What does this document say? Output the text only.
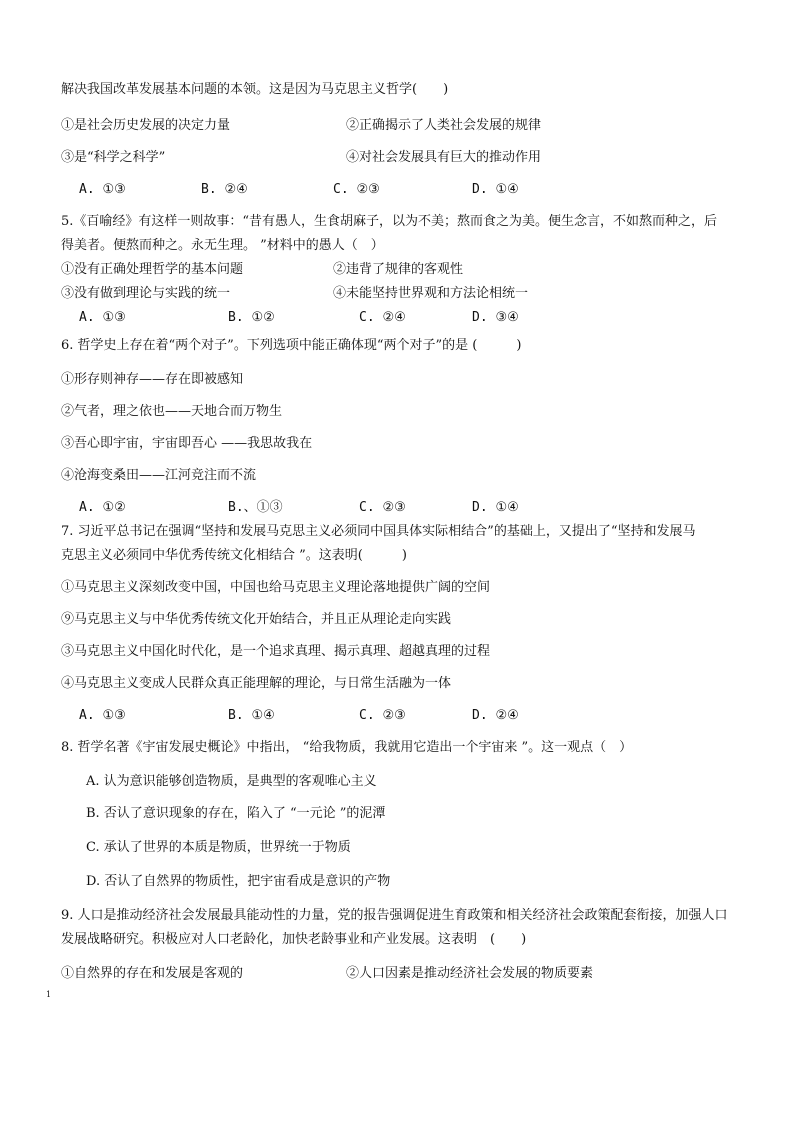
解决我国改革发展基本问题的本领。这是因为马克思主义哲学(　　)
①是社会历史发展的决定力量	②正确揭示了人类社会发展的规律
③是“科学之科学”	④对社会发展具有巨大的推动作用
A. ①③	B. ②④	C. ②③	D. ①④
5.《百喻经》有这样一则故事：“昔有愚人，生食胡麻子，以为不美；熬而食之为美。便生念言，不如熬而种之，后
得美者。便熬而种之。永无生理。 ”材料中的愚人（　）
①没有正确处理哲学的基本问题	②违背了规律的客观性
③没有做到理论与实践的统一	④未能坚持世界观和方法论相统一
A. ①③	B. ①②	C. ②④	D. ③④
6. 哲学史上存在着“两个对子”。下列选项中能正确体现“两个对子”的是 (　　　)
①形存则神存——存在即被感知
②气者，理之依也——天地合而万物生
③吾心即宇宙，宇宙即吾心 ——我思故我在
④沧海变桑田——江河竞注而不流
A. ①②	B.、①③	C. ②③	D. ①④
7. 习近平总书记在强调“坚持和发展马克思主义必须同中国具体实际相结合”的基础上，又提出了“坚持和发展马
克思主义必须同中华优秀传统文化相结合 ”。这表明(　　　)
①马克思主义深刻改变中国，中国也给马克思主义理论落地提供广阔的空间
⑨马克思主义与中华优秀传统文化开始结合，并且正从理论走向实践
③马克思主义中国化时代化，是一个追求真理、揭示真理、超越真理的过程
④马克思主义变成人民群众真正能理解的理论，与日常生活融为一体
A. ①③	B. ①④	C. ②③	D. ②④
8. 哲学名著《宇宙发展史概论》中指出， “给我物质，我就用它造出一个宇宙来 ”。这一观点（　）
A. 认为意识能够创造物质，是典型的客观唯心主义
B. 否认了意识现象的存在，陷入了 “一元论 ”的泥潭
C. 承认了世界的本质是物质，世界统一于物质
D. 否认了自然界的物质性，把宇宙看成是意识的产物
9. 人口是推动经济社会发展最具能动性的力量，党的报告强调促进生育政策和相关经济社会政策配套衔接，加强人口
发展战略研究。积极应对人口老龄化，加快老龄事业和产业发展。这表明　(　　)
①自然界的存在和发展是客观的	②人口因素是推动经济社会发展的物质要素
1
